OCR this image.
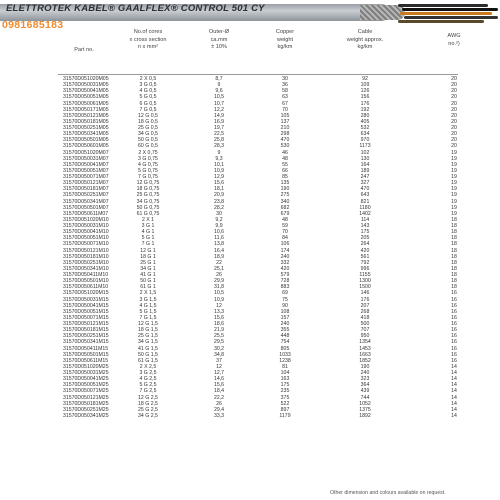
ELETTROTEK KABEL® GAALFLEX® CONTROL 501 CY
0981685183
Part no.
No.of cores
x cross section
n x mm²
Outer-Ø
ca.mm
± 10%
Copper
weight
kg/km
Cable
weight approx.
kg/km
AWG
no.²)
31570D051020M05	2 X 0,5	8,7	30	92	20
31570D050031M05	3 G 0,5	9	36	109	20
31570D050041M05	4 G 0,5	9,6	58	126	20
31570D050051M05	5 G 0,5	10,5	63	156	20
31570D050061M05	6 G 0,5	10,7	67	176	20
31570D050171M05	7 G 0,5	12,2	70	192	20
31570D050121M05	12 G 0,5	14,9	105	280	20
31570D050181M05	18 G 0,5	16,9	137	405	20
31570D050251M05	25 G 0,5	19,7	210	532	20
31570D050341M05	34 G 0,5	22,5	298	634	20
31570D050501M05	50 G 0,5	25,8	470	970	20
31570D050601M05	60 G 0,5	28,3	530	1173	20
31570D051020M07	2 X 0,75	9	46	102	19
31570D050031M07	3 G 0,75	9,3	48	130	19
31570D050041M07	4 G 0,75	10,1	55	164	19
31570D050051M07	5 G 0,75	10,9	66	189	19
31570D050071M07	7 G 0,75	12,9	85	247	19
31570D050121M07	12 G 0,75	15,6	135	327	19
31570D050181M07	18 G 0,75	18,1	190	470	19
31570D050251M07	25 G 0,75	20,9	275	643	19
31570D050341M07	34 G 0,75	23,8	340	821	19
31570D050501M07	50 G 0,75	28,2	682	1180	19
31570D050611M07	61 G 0,75	30	679	1402	19
31570D051020M10	2 X 1	9,2	48	114	18
31570D050031M10	3 G 1	9,9	59	143	18
31570D050041M10	4 G 1	10,6	70	175	18
31570D050051M10	5 G 1	11,6	84	205	18
31570D050071M10	7 G 1	13,8	106	264	18
31570D050121M10	12 G 1	16,4	174	420	18
31570D050181M10	18 G 1	18,9	240	561	18
31570D050251M10	25 G 1	22	332	792	18
31570D050341M10	34 G 1	25,1	420	996	18
31570D050411M10	41 G 1	26	579	1155	18
31570D050501M10	50 G 1	29,9	728	1300	18
31570D050611M10	61 G 1	31,8	883	1500	18
31570D051020M15	2 X 1,5	10,5	69	146	16
31570D050031M15	3 G 1,5	10,9	75	176	16
31570D050041M15	4 G 1,5	12	90	207	16
31570D050051M15	5 G 1,5	13,3	108	268	16
31570D050071M15	7 G 1,5	15,6	157	418	16
31570D050121M15	12 G 1,5	18,6	240	500	16
31570D050181M15	18 G 1,5	21,9	355	707	16
31570D050251M15	25 G 1,5	25,5	448	950	16
31570D050341M15	34 G 1,5	29,5	754	1354	16
31570D050411M15	41 G 1,5	30,2	805	1453	16
31570D050501M15	50 G 1,5	34,8	1033	1663	16
31570D050611M15	61 G 1,5	37	1238	1852	16
31570D051020M25	2 X 2,5	12	81	190	14
31570D050031M25	3 G 2,5	12,7	104	240	14
31570D050041M25	4 G 2,5	14,6	163	323	14
31570D050051M25	5 G 2,5	15,6	175	364	14
31570D050071M25	7 G 2,5	18,4	235	439	14
31570D050121M25	12 G 2,5	22,2	375	744	14
31570D050181M25	18 G 2,5	26	522	1052	14
31570D050251M25	25 G 2,5	29,4	897	1375	14
31570D050341M25	34 G 2,5	33,3	1179	1892	14
Other dimension and colours available on request.
